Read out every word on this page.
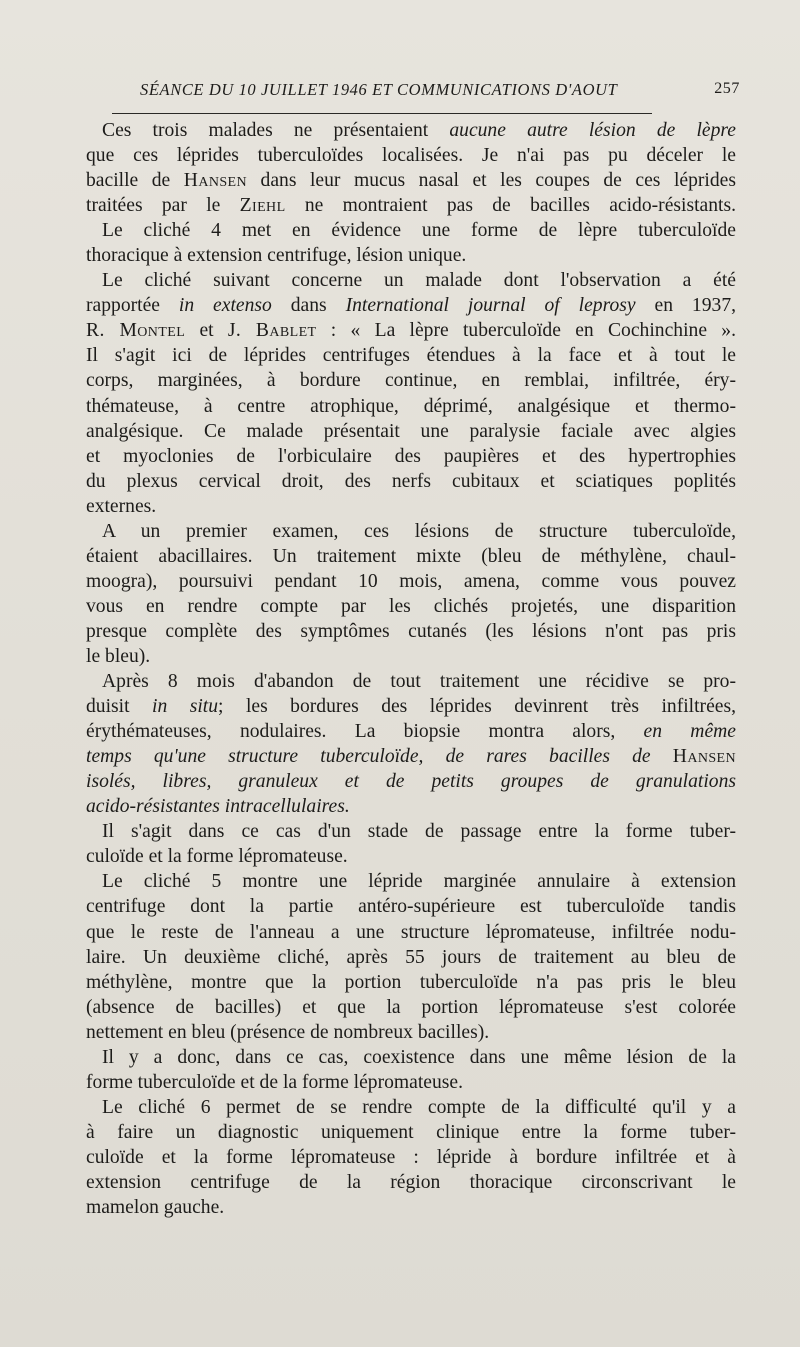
SÉANCE DU 10 JUILLET 1946 ET COMMUNICATIONS D'AOUT	257
Ces trois malades ne présentaient aucune autre lésion de lèpre
que ces léprides tuberculoïdes localisées. Je n'ai pas pu déceler le
bacille de Hansen dans leur mucus nasal et les coupes de ces léprides
traitées par le Ziehl ne montraient pas de bacilles acido-résistants.
Le cliché 4 met en évidence une forme de lèpre tuberculoïde
thoracique à extension centrifuge, lésion unique.
Le cliché suivant concerne un malade dont l'observation a été
rapportée in extenso dans International journal of leprosy en 1937,
R. Montel et J. Bablet : « La lèpre tuberculoïde en Cochinchine ».
Il s'agit ici de léprides centrifuges étendues à la face et à tout le
corps, marginées, à bordure continue, en remblai, infiltrée, éry-
thémateuse, à centre atrophique, déprimé, analgésique et thermo-
analgésique. Ce malade présentait une paralysie faciale avec algies
et myoclonies de l'orbiculaire des paupières et des hypertrophies
du plexus cervical droit, des nerfs cubitaux et sciatiques poplités
externes.
A un premier examen, ces lésions de structure tuberculoïde,
étaient abacillaires. Un traitement mixte (bleu de méthylène, chaul-
moogra), poursuivi pendant 10 mois, amena, comme vous pouvez
vous en rendre compte par les clichés projetés, une disparition
presque complète des symptômes cutanés (les lésions n'ont pas pris
le bleu).
Après 8 mois d'abandon de tout traitement une récidive se pro-
duisit in situ; les bordures des léprides devinrent très infiltrées,
érythémateuses, nodulaires. La biopsie montra alors, en même
temps qu'une structure tuberculoïde, de rares bacilles de Hansen
isolés, libres, granuleux et de petits groupes de granulations
acido-résistantes intracellulaires.
Il s'agit dans ce cas d'un stade de passage entre la forme tuber-
culoïde et la forme lépromateuse.
Le cliché 5 montre une lépride marginée annulaire à extension
centrifuge dont la partie antéro-supérieure est tuberculoïde tandis
que le reste de l'anneau a une structure lépromateuse, infiltrée nodu-
laire. Un deuxième cliché, après 55 jours de traitement au bleu de
méthylène, montre que la portion tuberculoïde n'a pas pris le bleu
(absence de bacilles) et que la portion lépromateuse s'est colorée
nettement en bleu (présence de nombreux bacilles).
Il y a donc, dans ce cas, coexistence dans une même lésion de la
forme tuberculoïde et de la forme lépromateuse.
Le cliché 6 permet de se rendre compte de la difficulté qu'il y a
à faire un diagnostic uniquement clinique entre la forme tuber-
culoïde et la forme lépromateuse : lépride à bordure infiltrée et à
extension centrifuge de la région thoracique circonscrivant le
mamelon gauche.
